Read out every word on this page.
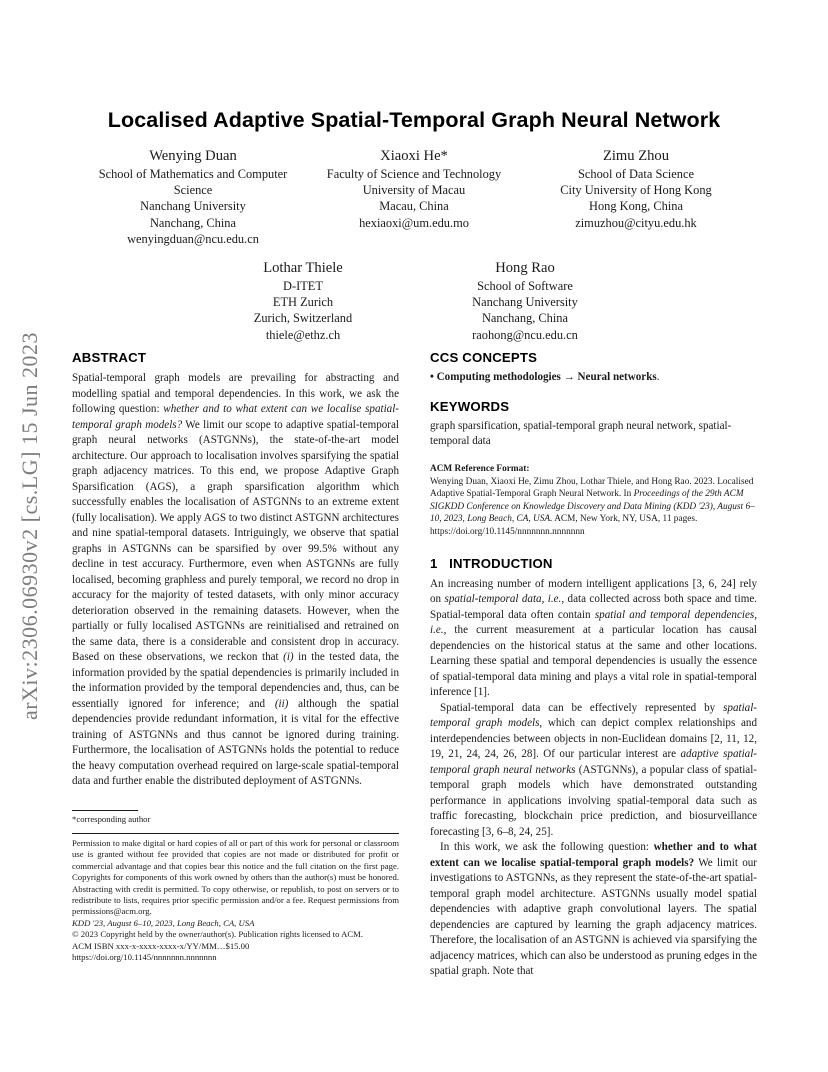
arXiv:2306.06930v2 [cs.LG] 15 Jun 2023
Localised Adaptive Spatial-Temporal Graph Neural Network
Wenying Duan
School of Mathematics and Computer
Science
Nanchang University
Nanchang, China
wenyingduan@ncu.edu.cn
Xiaoxi He*
Faculty of Science and Technology
University of Macau
Macau, China
hexiaoxi@um.edu.mo
Zimu Zhou
School of Data Science
City University of Hong Kong
Hong Kong, China
zimuzhou@cityu.edu.hk
Lothar Thiele
D-ITET
ETH Zurich
Zurich, Switzerland
thiele@ethz.ch
Hong Rao
School of Software
Nanchang University
Nanchang, China
raohong@ncu.edu.cn
ABSTRACT

Spatial-temporal graph models are prevailing for abstracting and modelling spatial and temporal dependencies. In this work, we ask the following question: whether and to what extent can we localise spatial-temporal graph models? We limit our scope to adaptive spatial-temporal graph neural networks (ASTGNNs), the state-of-the-art model architecture. Our approach to localisation involves sparsifying the spatial graph adjacency matrices. To this end, we propose Adaptive Graph Sparsification (AGS), a graph sparsification algorithm which successfully enables the localisation of ASTGNNs to an extreme extent (fully localisation). We apply AGS to two distinct ASTGNN architectures and nine spatial-temporal datasets. Intriguingly, we observe that spatial graphs in ASTGNNs can be sparsified by over 99.5% without any decline in test accuracy. Furthermore, even when ASTGNNs are fully localised, becoming graphless and purely temporal, we record no drop in accuracy for the majority of tested datasets, with only minor accuracy deterioration observed in the remaining datasets. However, when the partially or fully localised ASTGNNs are reinitialised and retrained on the same data, there is a considerable and consistent drop in accuracy. Based on these observations, we reckon that (i) in the tested data, the information provided by the spatial dependencies is primarily included in the information provided by the temporal dependencies and, thus, can be essentially ignored for inference; and (ii) although the spatial dependencies provide redundant information, it is vital for the effective training of ASTGNNs and thus cannot be ignored during training. Furthermore, the localisation of ASTGNNs holds the potential to reduce the heavy computation overhead required on large-scale spatial-temporal data and further enable the distributed deployment of ASTGNNs.

*corresponding author
Permission to make digital or hard copies of all or part of this work for personal or classroom use is granted without fee provided that copies are not made or distributed for profit or commercial advantage and that copies bear this notice and the full citation on the first page. Copyrights for components of this work owned by others than the author(s) must be honored. Abstracting with credit is permitted. To copy otherwise, or republish, to post on servers or to redistribute to lists, requires prior specific permission and/or a fee. Request permissions from permissions@acm.org.
KDD '23, August 6–10, 2023, Long Beach, CA, USA
© 2023 Copyright held by the owner/author(s). Publication rights licensed to ACM.
ACM ISBN xxx-x-xxxx-xxxx-x/YY/MM…$15.00
https://doi.org/10.1145/nnnnnnn.nnnnnnn
CCS CONCEPTS
• Computing methodologies → Neural networks.
KEYWORDS
graph sparsification, spatial-temporal graph neural network, spatial-temporal data
ACM Reference Format:
Wenying Duan, Xiaoxi He, Zimu Zhou, Lothar Thiele, and Hong Rao. 2023. Localised Adaptive Spatial-Temporal Graph Neural Network. In Proceedings of the 29th ACM SIGKDD Conference on Knowledge Discovery and Data Mining (KDD '23), August 6–10, 2023, Long Beach, CA, USA. ACM, New York, NY, USA, 11 pages. https://doi.org/10.1145/nnnnnnn.nnnnnnn
1   INTRODUCTION

An increasing number of modern intelligent applications [3, 6, 24] rely on spatial-temporal data, i.e., data collected across both space and time. Spatial-temporal data often contain spatial and temporal dependencies, i.e., the current measurement at a particular location has causal dependencies on the historical status at the same and other locations. Learning these spatial and temporal dependencies is usually the essence of spatial-temporal data mining and plays a vital role in spatial-temporal inference [1].

Spatial-temporal data can be effectively represented by spatial-temporal graph models, which can depict complex relationships and interdependencies between objects in non-Euclidean domains [2, 11, 12, 19, 21, 24, 24, 26, 28]. Of our particular interest are adaptive spatial-temporal graph neural networks (ASTGNNs), a popular class of spatial-temporal graph models which have demonstrated outstanding performance in applications involving spatial-temporal data such as traffic forecasting, blockchain price prediction, and biosurveillance forecasting [3, 6–8, 24, 25].

In this work, we ask the following question: whether and to what extent can we localise spatial-temporal graph models? We limit our investigations to ASTGNNs, as they represent the state-of-the-art spatial-temporal graph model architecture. ASTGNNs usually model spatial dependencies with adaptive graph convolutional layers. The spatial dependencies are captured by learning the graph adjacency matrices. Therefore, the localisation of an ASTGNN is achieved via sparsifying the adjacency matrices, which can also be understood as pruning edges in the spatial graph. Note that
